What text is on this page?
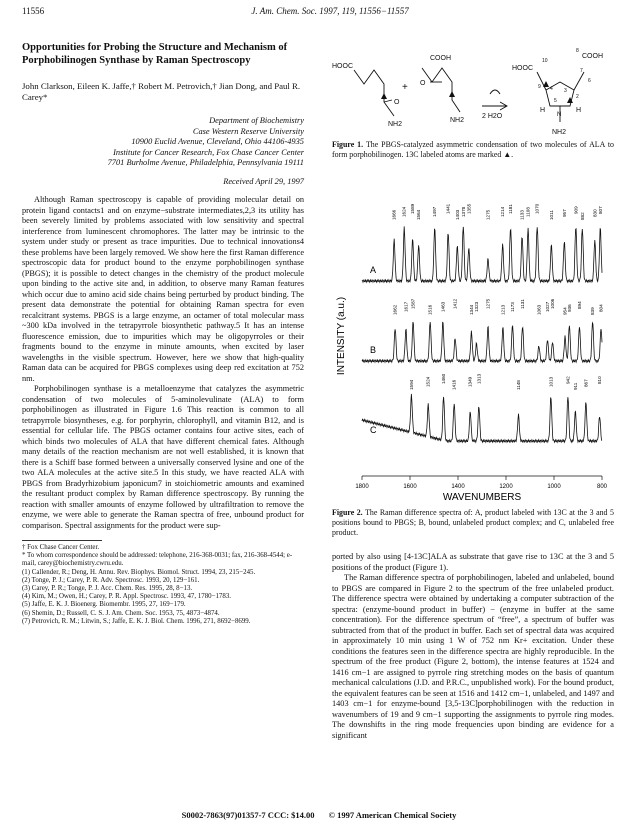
11556	J. Am. Chem. Soc. 1997, 119, 11556−11557
Opportunities for Probing the Structure and Mechanism of Porphobilinogen Synthase by Raman Spectroscopy
John Clarkson, Eileen K. Jaffe,† Robert M. Petrovich,† Jian Dong, and Paul R. Carey*
Department of Biochemistry
Case Western Reserve University
10900 Euclid Avenue, Cleveland, Ohio 44106-4935
Institute for Cancer Research, Fox Chase Cancer Center
7701 Burholme Avenue, Philadelphia, Pennsylvania 19111
Received April 29, 1997

Although Raman spectroscopy is capable of providing molecular detail on protein ligand contacts1 and on enzyme−substrate intermediates,2,3 its utility has been severely limited by problems associated with low sensitivity and spectral interference from luminescent chromophores. The latter may be intrinsic to the system under study or present as trace impurities. Due to technical innovations4 these problems have been largely removed. We show here the first Raman difference spectroscopic data for product bound to the enzyme porphobilinogen synthase (PBGS); it is possible to detect changes in the chemistry of the product molecule upon binding to the active site and, in addition, to observe many Raman features which occur due to amino acid side chains being perturbed by product binding. The present data demonstrate the potential for obtaining Raman spectra for even recalcitrant systems. PBGS is a large enzyme, an octamer of total molecular mass ~300 kDa involved in the tetrapyrrole biosynthetic pathway.5 It has an intense fluorescence emission, due to impurities which may be oligopyrroles or their fragments bound to the enzyme in minute amounts, when excited by laser wavelengths in the visible spectrum. However, here we show that high-quality Raman data can be acquired for PBGS complexes using deep red excitation at 752 nm.

Porphobilinogen synthase is a metalloenzyme that catalyzes the asymmetric condensation of two molecules of 5-aminolevulinate (ALA) to form porphobilinogen as illustrated in Figure 1.6 This reaction is common to all tetrapyrrole biosyntheses, e.g. for porphyrin, chlorophyll, and vitamin B12, and is essential for cellular life. The PBGS octamer contains four active sites, each of which binds two molecules of ALA that have different chemical fates. Although many details of the reaction mechanism are not well established, it is known that there is a Schiff base formed between a universally conserved lysine and one of the two ALA molecules at the active site.5 In this study, we have reacted ALA with PBGS from Bradyrhizobium japonicum7 in stoichiometric amounts and examined the resultant product complex by Raman difference spectroscopy. By running the reaction with smaller amounts of enzyme followed by ultrafiltration to remove the enzyme, we were able to generate the Raman spectra of free, unbound product for comparison. Spectral assignments for the product were sup-

† Fox Chase Cancer Center.

* To whom correspondence should be addressed: telephone, 216-368-0031; fax, 216-368-4544; e-mail, carey@biochemistry.cwru.edu.

(1) Callender, R.; Deng, H. Annu. Rev. Biophys. Biomol. Struct. 1994, 23, 215−245.

(2) Tonge, P. J.; Carey, P. R. Adv. Spectrosc. 1993, 20, 129−161.

(3) Carey, P. R.; Tonge, P. J. Acc. Chem. Res. 1995, 28, 8−13.

(4) Kim, M.; Owen, H.; Carey, P. R. Appl. Spectrosc. 1993, 47, 1780−1783.

(5) Jaffe, E. K. J. Bioenerg. Biomembr. 1995, 27, 169−179.

(6) Shemin, D.; Russell, C. S. J. Am. Chem. Soc. 1953, 75, 4873−4874.

(7) Petrovich, R. M.; Litwin, S.; Jaffe, E. K. J. Biol. Chem. 1996, 271, 8692−8699.

HOOC
COOH
+
O
O
NH2
NH2
2 H2O
HOOC
COOH
8
10
7
6
9 4
5
3
2
H	H
N
NH2
Figure 1. The PBGS-catalyzed asymmetric condensation of two molecules of ALA to form porphobilinogen. 13C labeled atoms are marked ▲.
INTENSITY (a.u.)
WAVENUMBERS
1800	1600	1400	1200	1000	800
A
1666 1624 1589
1564 1497 1441
1403 1378 1355
1275 1214 1181
1133 1108 1070
1011 957 909
882 830 807
B
1662 1617 1587
1516 1463 1412
1344 1323 1275
1213 1173 1131
1063 1027 1006
954 936 894
839 804
C
1594	1524 1460
1416 1349 1313
1148	1013	942
911 867 810
Figure 2. The Raman difference spectra of: A, product labeled with 13C at the 3 and 5 positions bound to PBGS; B, bound, unlabeled product complex; and C, unlabeled free product.

ported by also using [4-13C]ALA as substrate that gave rise to 13C at the 3 and 5 positions of the product (Figure 1).

The Raman difference spectra of porphobilinogen, labeled and unlabeled, bound to PBGS are compared in Figure 2 to the spectrum of the free unlabeled product. The difference spectra were obtained by undertaking a computer subtraction of the spectra: (enzyme-bound product in buffer) − (enzyme in buffer at the same concentration). For the difference spectrum of “free”, a spectrum of buffer was subtracted from that of the product in buffer. Each set of spectral data was acquired in approximately 10 min using 1 W of 752 nm Kr+ excitation. Under these conditions the features seen in the difference spectra are highly reproducible. In the spectrum of the free product (Figure 2, bottom), the intense features at 1524 and 1416 cm−1 are assigned to pyrrole ring stretching modes on the basis of quantum mechanical calculations (J.D. and P.R.C., unpublished work). For the bound product, the equivalent features can be seen at 1516 and 1412 cm−1, unlabeled, and 1497 and 1403 cm−1 for enzyme-bound [3,5-13C]porphobilinogen with the reduction in wavenumbers of 19 and 9 cm−1 supporting the assignments to pyrrole ring modes. The downshifts in the ring mode frequencies upon binding are evidence for a significant

S0002-7863(97)01357-7 CCC: $14.00 © 1997 American Chemical Society
